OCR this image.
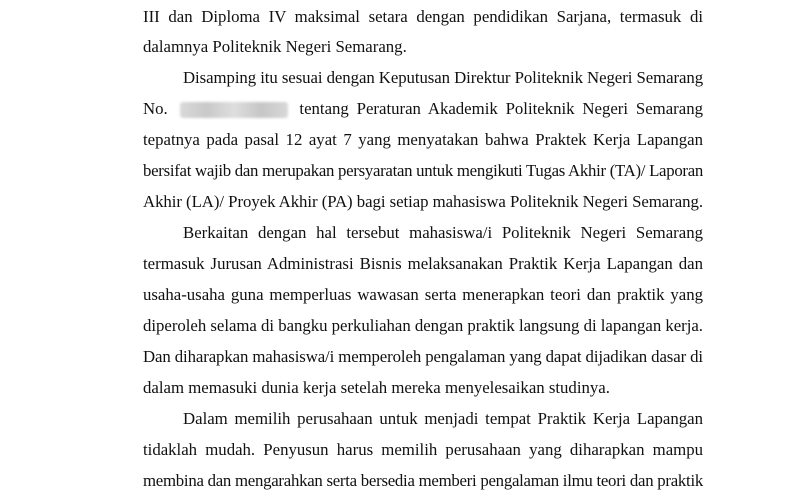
III dan Diploma IV maksimal setara dengan pendidikan Sarjana, termasuk di
dalamnya Politeknik Negeri Semarang.
Disamping itu sesuai dengan Keputusan Direktur Politeknik Negeri Semarang
No.	tentang Peraturan Akademik Politeknik Negeri Semarang
tepatnya pada pasal 12 ayat 7 yang menyatakan bahwa Praktek Kerja Lapangan
bersifat wajib dan merupakan persyaratan untuk mengikuti Tugas Akhir (TA)/ Laporan
Akhir (LA)/ Proyek Akhir (PA) bagi setiap mahasiswa Politeknik Negeri Semarang.
Berkaitan dengan hal tersebut mahasiswa/i Politeknik Negeri Semarang
termasuk Jurusan Administrasi Bisnis melaksanakan Praktik Kerja Lapangan dan
usaha-usaha guna memperluas wawasan serta menerapkan teori dan praktik yang
diperoleh selama di bangku perkuliahan dengan praktik langsung di lapangan kerja.
Dan diharapkan mahasiswa/i memperoleh pengalaman yang dapat dijadikan dasar di
dalam memasuki dunia kerja setelah mereka menyelesaikan studinya.
Dalam memilih perusahaan untuk menjadi tempat Praktik Kerja Lapangan
tidaklah mudah. Penyusun harus memilih perusahaan yang diharapkan mampu
membina dan mengarahkan serta bersedia memberi pengalaman ilmu teori dan praktik
